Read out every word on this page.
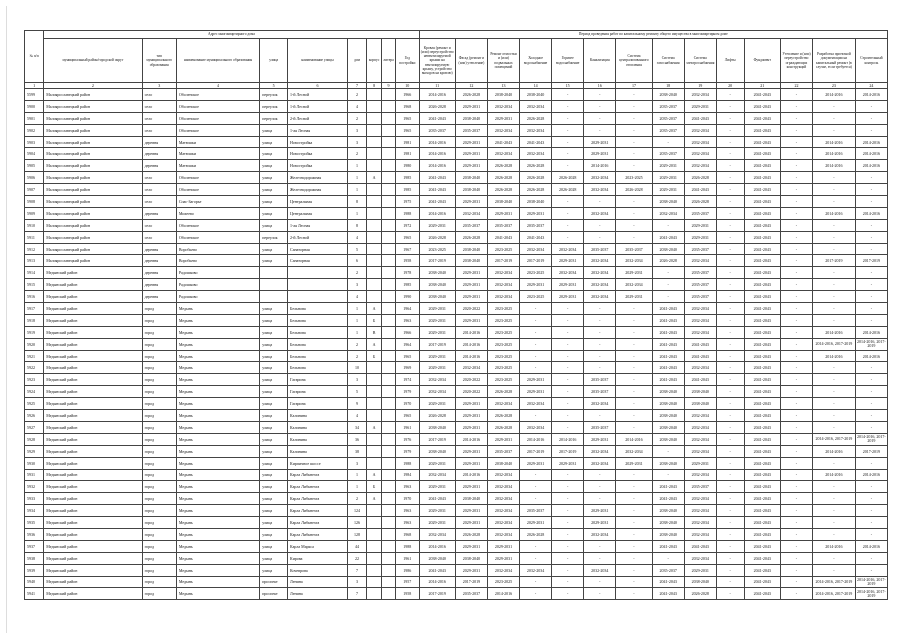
№ п/п	Адрес многоквартирного дома									Период проведения работ по капитальному ремонту общего имущества в многоквартирном доме													
	муниципальный район/городской округ	тип муниципального образования	наименование муниципального образования	улица	наименование улицы	дом	корпус	литера	Год постройки	Кровля (ремонт и (или) переустройство невентилируемой крыши на вентилируемую крышу, устройство выходов на кровлю)	Фасад (ремонт и (или) утепление)	Ремонт отмостки и (или) подвальных помещений	Холодное водоснабжение	Горячее водоснабжение	Канализация	Система централизованного отопления	Система газоснабжения	Система электроснабжения	Лифты	Фундамент	Утепление и (или) переустройство ограждающих конструкций	Разработка проектной документации на капитальный ремонт (в случае, если требуется)	Строительный контроль
1	2	3	4	5	6	7	8	9	10	11	12	13	14	15	16	17	18	19	20	21	22	23	24
5599	Малоярославецкий район	село	Оболенское	переулок	1-й Лесной	2			1966	2014-2016	2026-2028	2038-2040	2038-2040	-	-	-	2038-2040	2032-2034	-	2041-2043	-	2014-2016	2014-2016
5900	Малоярославецкий район	село	Оболенское	переулок	1-й Лесной	4			1968	2026-2028	2029-2031	2032-2034	2032-2034	-	-	-	2035-2037	2029-2031	-	2041-2043	-	-	-
5901	Малоярославецкий район	село	Оболенское	переулок	2-й Лесной	2			1965	2041-2043	2038-2040	2029-2031	2026-2028	-	-	-	2035-2037	2041-2043	-	2041-2043	-	-	-
5902	Малоярославецкий район	село	Оболенское	улица	1-ая Лесная	3			1965	2035-2037	2035-2037	2032-2034	2032-2034	-	-	-	2035-2037	2032-2034	-	2041-2043	-	-	-
5903	Малоярославецкий район	деревня	Матюшки	улица	Новостройка	3			1981	2014-2016	2029-2031	2041-2043	2041-2043	-	2029-2031	-	-	2032-2034	-	2041-2043	-	2014-2016	2014-2016
5904	Малоярославецкий район	деревня	Матюшки	улица	Новостройка	2			1981	2014-2016	2029-2031	2032-2034	2032-2034	-	2029-2031	-	2035-2037	2032-2034	-	2041-2043	-	2014-2016	2014-2016
5905	Малоярославецкий район	деревня	Матюшки	улица	Новостройка	1			1980	2014-2016	2029-2031	2026-2028	2026-2028	-	2014-2016	-	2029-2031	2032-2034	-	2041-2043	-	2014-2016	2014-2016
5906	Малоярославецкий район	село	Оболенское	улица	Железнодорожная	1	А		1985	2041-2043	2038-2040	2026-2028	2026-2028	2026-2028	2032-2034	2023-2025	2029-2031	2026-2028	-	2041-2043	-	-	-
5907	Малоярославецкий район	село	Оболенское	улица	Железнодорожная	1			1985	2041-2043	2038-2040	2026-2028	2026-2028	2026-2028	2032-2034	2026-2028	2029-2031	2041-2043	-	2041-2043	-	-	-
5908	Малоярославецкий район	село	Спас-Загорье	улица	Центральная	8			1975	2041-2043	2029-2031	2038-2040	2038-2040	-	-	-	2038-2040	2026-2028	-	2041-2043	-	-	-
5909	Малоярославецкий район	деревня	Михеево	улица	Центральная	1			1988	2014-2016	2032-2034	2029-2031	2029-2031	-	2032-2034	-	2032-2034	2035-2037	-	2041-2043	-	2014-2016	2014-2016
5910	Малоярославецкий район	село	Оболенское	улица	1-ая Лесная	8			1972	2029-2031	2035-2037	2035-2037	2035-2037	-	-	-	-	2029-2031	-	2041-2043	-	-	-
5911	Малоярославецкий район	село	Оболенское	переулок	2-й Лесной	4			1965	2026-2028	2026-2028	2041-2043	2041-2043	-	-	-	2041-2043	2029-2031	-	2041-2043	-	-	-
5912	Малоярославецкий район	деревня	Воробьево	улица	Санаторная	5			1967	2023-2025	2038-2040	2023-2025	2032-2034	2032-2034	2035-2037	2035-2037	2038-2040	2035-2037	-	2041-2043	-	-	-
5913	Малоярославецкий район	деревня	Воробьево	улица	Санаторная	6			1958	2017-2019	2038-2040	2017-2019	2017-2019	2029-2031	2032-2034	2032-2034	2026-2028	2032-2034	-	2041-2043	-	2017-2019	2017-2019
5914	Медынский район	деревня	Радошково			2			1978	2038-2040	2029-2031	2032-2034	2023-2025	2032-2034	2032-2034	2029-2031	-	2035-2037	-	2041-2043	-	-	-
5915	Медынский район	деревня	Радошково			3			1985	2038-2040	2029-2031	2032-2034	2029-2031	2029-2031	2032-2034	2032-2034	-	2035-2037	-	2041-2043	-	-	-
5916	Медынский район	деревня	Радошково			4			1990	2038-2040	2029-2031	2032-2034	2023-2025	2029-2031	2032-2034	2029-2031	-	2035-2037	-	2041-2043	-	-	-
5917	Медынский район	город	Медынь	улица	Бельнова	1	А		1964	2029-2031	2020-2022	2023-2025	-	-	-	-	2041-2043	2032-2034	-	2041-2043	-	-	-
5918	Медынский район	город	Медынь	улица	Бельнова	1	Б		1963	2029-2031	2029-2031	2023-2025	-	-	-	-	2041-2043	2032-2034	-	2041-2043	-	-	-
5919	Медынский район	город	Медынь	улица	Бельнова	1	В		1966	2029-2031	2014-2016	2023-2025	-	-	-	-	2041-2043	2032-2034	-	2041-2043	-	2014-2016	2014-2016
5920	Медынский район	город	Медынь	улица	Бельнова	2	А		1964	2017-2019	2014-2016	2023-2025	-	-	-	-	2041-2043	2041-2043	-	2041-2043	-	2014-2016, 2017-2019	2014-2016, 2017-2019
5921	Медынский район	город	Медынь	улица	Бельнова	2	Б		1965	2029-2031	2014-2016	2023-2025	-	-	-	-	2041-2043	2041-2043	-	2041-2043	-	2014-2016	2014-2016
5922	Медынский район	город	Медынь	улица	Бельнова	10			1969	2029-2031	2032-2034	2023-2025	-	-	-	-	2041-2043	2032-2034	-	2041-2043	-	-	-
5923	Медынский район	город	Медынь	улица	Гагарина	3			1974	2032-2034	2020-2022	2023-2025	2029-2031	-	2035-2037	-	2041-2043	2041-2043	-	2041-2043	-	-	-
5924	Медынский район	город	Медынь	улица	Гагарина	5			1979	2032-2034	2020-2022	2026-2028	2029-2031	-	2035-2037	-	2038-2040	2038-2040	-	2041-2043	-	-	-
5925	Медынский район	город	Медынь	улица	Гагарина	9			1970	2029-2031	2029-2031	2032-2034	2032-2034	-	2032-2034	-	2038-2040	2038-2040	-	2041-2043	-	-	-
5926	Медынский район	город	Медынь	улица	Калинина	4			1965	2026-2028	2029-2031	2026-2028	-	-	-	-	2038-2040	2032-2034	-	2041-2043	-	-	-
5927	Медынский район	город	Медынь	улица	Калинина	34	А		1961	2038-2040	2029-2031	2026-2028	2032-2034	-	2035-2037	-	2038-2040	2032-2034	-	2041-2043	-	-	-
5928	Медынский район	город	Медынь	улица	Калинина	36			1976	2017-2019	2014-2016	2029-2031	2014-2016	2014-2016	2029-2031	2014-2016	2038-2040	2032-2034	-	2041-2043	-	2014-2016, 2017-2019	2014-2016, 2017-2019
5929	Медынский район	город	Медынь	улица	Калинина	38			1979	2038-2040	2029-2031	2035-2037	2017-2019	2017-2019	2032-2034	2032-2034	-	2032-2034	-	2041-2043	-	2014-2016	2017-2019
5930	Медынский район	город	Медынь	улица	Кирпичное шоссе	3			1988	2029-2031	2029-2031	2038-2040	2029-2031	2029-2031	2032-2034	2029-2031	2038-2040	2029-2031	-	2041-2043	-	-	-
5931	Медынский район	город	Медынь	улица	Карла Либкнехта	1	А		1984	2032-2034	2014-2016	2032-2034	-	-	-	-	-	2032-2034	-	2041-2043	-	2014-2016	2014-2016
5932	Медынский район	город	Медынь	улица	Карла Либкнехта	1	Б		1963	2029-2031	2029-2031	2032-2034	-	-	-	-	2041-2043	2035-2037	-	2041-2043	-	-	-
5933	Медынский район	город	Медынь	улица	Карла Либкнехта	2	А		1970	2041-2043	2038-2040	2032-2034	-	-	-	-	2041-2043	2032-2034	-	2041-2043	-	-	-
5934	Медынский район	город	Медынь	улица	Карла Либкнехта	124			1963	2029-2031	2029-2031	2032-2034	2035-2037	-	2029-2031	-	2038-2040	2032-2034	-	2041-2043	-	-	-
5935	Медынский район	город	Медынь	улица	Карла Либкнехта	126			1963	2029-2031	2029-2031	2032-2034	2029-2031	-	2029-2031	-	2038-2040	2032-2034	-	2041-2043	-	-	-
5936	Медынский район	город	Медынь	улица	Карла Либкнехта	128			1968	2032-2034	2026-2028	2032-2034	2026-2028	-	2032-2034	-	2038-2040	2032-2034	-	2041-2043	-	-	-
5937	Медынский район	город	Медынь	улица	Карла Маркса	44			1988	2014-2016	2029-2031	2029-2031	-	-	-	-	2041-2043	2041-2043	-	2041-2043	-	2014-2016	2014-2016
5938	Медынский район	город	Медынь	улица	Кирова	22			1961	2038-2040	2038-2040	2029-2031	-	-	-	-	-	2032-2034	-	2041-2043	-	-	-
5939	Медынский район	город	Медынь	улица	Кочеврова	7			1986	2041-2043	2029-2031	2032-2034	2032-2034	-	2032-2034	-	2035-2037	2029-2031	-	2041-2043	-	-	-
5940	Медынский район	город	Медынь	проспект	Ленина	3			1957	2014-2016	2017-2019	2023-2025	-	-	-	-	2041-2043	2038-2040	-	2041-2043	-	2014-2016, 2017-2019	2014-2016, 2017-2019
5941	Медынский район	город	Медынь	проспект	Ленина	7			1958	2017-2019	2035-2037	2014-2016	-	-	-	-	2041-2043	2026-2028	-	2041-2043	-	2014-2016, 2017-2019	2014-2016, 2017-2019
